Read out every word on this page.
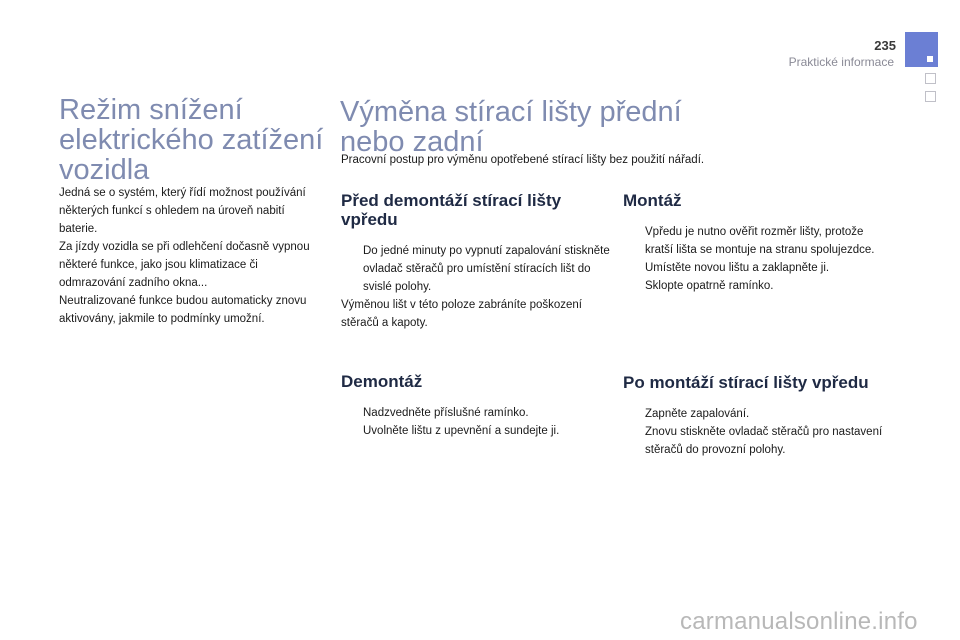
235
Praktické informace
Režim snížení elektrického zatížení vozidla
Jedná se o systém, který řídí možnost používání některých funkcí s ohledem na úroveň nabití baterie.
Za jízdy vozidla se při odlehčení dočasně vypnou některé funkce, jako jsou klimatizace či odmrazování zadního okna...
Neutralizované funkce budou automaticky znovu aktivovány, jakmile to podmínky umožní.
Výměna stírací lišty přední nebo zadní
Pracovní postup pro výměnu opotřebené stírací lišty bez použití nářadí.
Před demontáží stírací lišty vpředu
Do jedné minuty po vypnutí zapalování stiskněte ovladač stěračů pro umístění stíracích lišt do svislé polohy.
Výměnou lišt v této poloze zabráníte poškození stěračů a kapoty.
Demontáž
Nadzvedněte příslušné ramínko.
Uvolněte lištu z upevnění a sundejte ji.
Montáž
Vpředu je nutno ověřit rozměr lišty, protože kratší lišta se montuje na stranu spolujezdce.
Umístěte novou lištu a zaklapněte ji.
Sklopte opatrně ramínko.
Po montáží stírací lišty vpředu
Zapněte zapalování.
Znovu stiskněte ovladač stěračů pro nastavení stěračů do provozní polohy.
carmanualsonline.info
